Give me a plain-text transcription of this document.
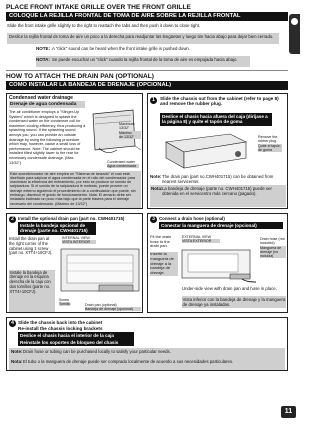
PLACE FRONT INTAKE GRILLE OVER THE FRONT GRILLE
COLOQUE LA REJILLA FRONTAL DE TOMA DE AIRE SOBRE LA REJILLA FRONTAL
Slide the front intake grille slightly to the right to reattach the tabs and then push it down to close tight.
Deslice la rejilla frontal de toma de aire un poco a la derecha para readjuntar las lengüetas y luego tire hacia abajo para dejar bien cerrado.
NOTE: A "click" sound can be heard when the front intake grille is pushed down.
NOTA: Se puede escuchar un "click" cuando la rejilla frontal de la toma de aire es empujada hacia abajo.
HOW TO ATTACH THE DRAIN PAN (OPTIONAL)
COMO INSTALAR LA BANDEJA DE DRENAJE (OPCIONAL)
Condensed water drainage
Drenaje de agua condensada
The air conditioner employs a "Slinger-Up System" which is designed to splash the condensed water on the condenser coil for maximum cooling efficiency, thus producing a splashing sound. If the splashing sound annoys you, you can provide an outside drainage by using the following procedure which may, however, cause a small loss of performance. Note: The cabinet should be installed tilted slightly lower to the rear for necessary condensate drainage. (Max. 13/32")
Maximum
13/32"
Máximo
de 13/32"
Condensed water
Agua condensada
Este acondicionador de aire emplea un "Sistema de lanzado" el cual está diseñado para salpicar el agua condensada en el rollo del condensador para maximizar la eficiencia del enfriamiento, por esto se produce un sonido de salpicadura. Si el sonido de la salpicadura le molesta, puede proveer un drenaje externo siguiendo el procedimiento de a continuación que puede, sin embargo, disminuir el grado de funcionamiento. Nota: El armario debe ser instalado inclinado un poco más bajo que la parte trasera para el drenaje necesario del condensado. (Máximo de 13/32")
1	Slide the chassis out from the cabinet (refer to page 8) and remove the rubber plug.
Deslice el chasis hacia afuera del caja (diríjase a la página 8) y quite el tapón de goma
Remove the rubber plug.
Quite el tapón de goma
Note: The drain pan (part no.CWH401715) can be obtained from nearest servicenter.
Nota: La bandeja de drenaje (parte no. CWH401715) puede ser obtenida en el servicentro más cercano (pagado).
2 Install the optional drain pan (part no. CWH401715)
Instale la bandeja opcional de drenaje (parte no. CWH401715)
Install the drain pan at the right corner of the cabinet using 1 screw (part no. XTT4+10CFJ).
Instale la bandeja de drenaje en la esquina derecha de la caja con dos tornillos (parte no. XTT4+10CFJ).
INTERNAL VIEW
VISTA INTERIOR
Screw
Tornillo	Drain pan (optional)
Bandeja de drenaje (opcional)
3 Connect a drain hose (optional)
Conectar la manguera de drenaje (opcional)
Fit the drain hose to the drain pan.
Inserte la manguera de drenaje a la bandeja de drenaje.
EXTERNAL VIEW
VISTA EXTERIOR	Drain hose (not included)
Manguera de drenaje (no incluida)
Under-side view with drain pan and hose in place.
Vista inferior con la bandeja de drenaje y la manguera de drenaje ya instaladas.
4 Slide the chassis back into the cabinet
Re-install the chassis locking brackets
Deslice el chasis hacia el interior de la caja
Reinstale los soportes de bloqueo del chasis
Note: Drain hose or tubing can be purchased locally to satisfy your particular needs.
Nota: El tubo o la manguera de drenaje puede ser comprado localmente de acuerdo a sus necesidades particulares.
11
